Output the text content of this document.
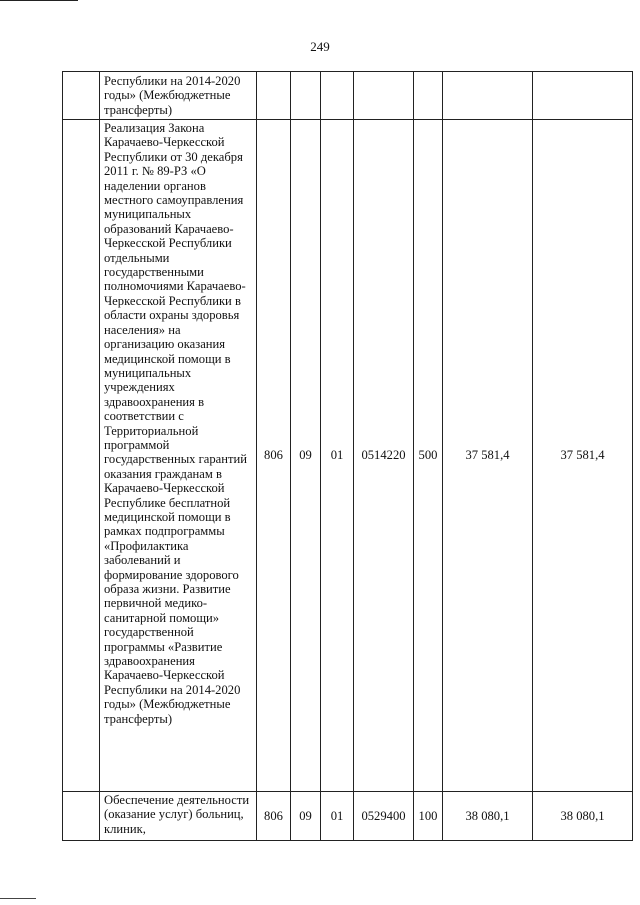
249
	Республики на 2014-2020 годы» (Межбюджетные трансферты)							
	Реализация Закона Карачаево-Черкесской Республики от 30 декабря 2011 г. № 89-РЗ «О наделении органов местного самоуправления муниципальных образований Карачаево-Черкесской Республики отдельными государственными полномочиями Карачаево-Черкесской Республики в области охраны здоровья населения» на организацию оказания медицинской помощи в муниципальных учреждениях здравоохранения в соответствии с Территориальной программой государственных гарантий оказания гражданам в Карачаево-Черкесской Республике бесплатной медицинской помощи в рамках подпрограммы «Профилактика заболеваний и формирование здорового образа жизни. Развитие первичной медико-санитарной помощи» государственной программы «Развитие здравоохранения Карачаево-Черкесской Республики на 2014-2020 годы» (Межбюджетные трансферты)	806	09	01	0514220	500	37 581,4	37 581,4
	Обеспечение деятельности (оказание услуг) больниц, клиник,	806	09	01	0529400	100	38 080,1	38 080,1
